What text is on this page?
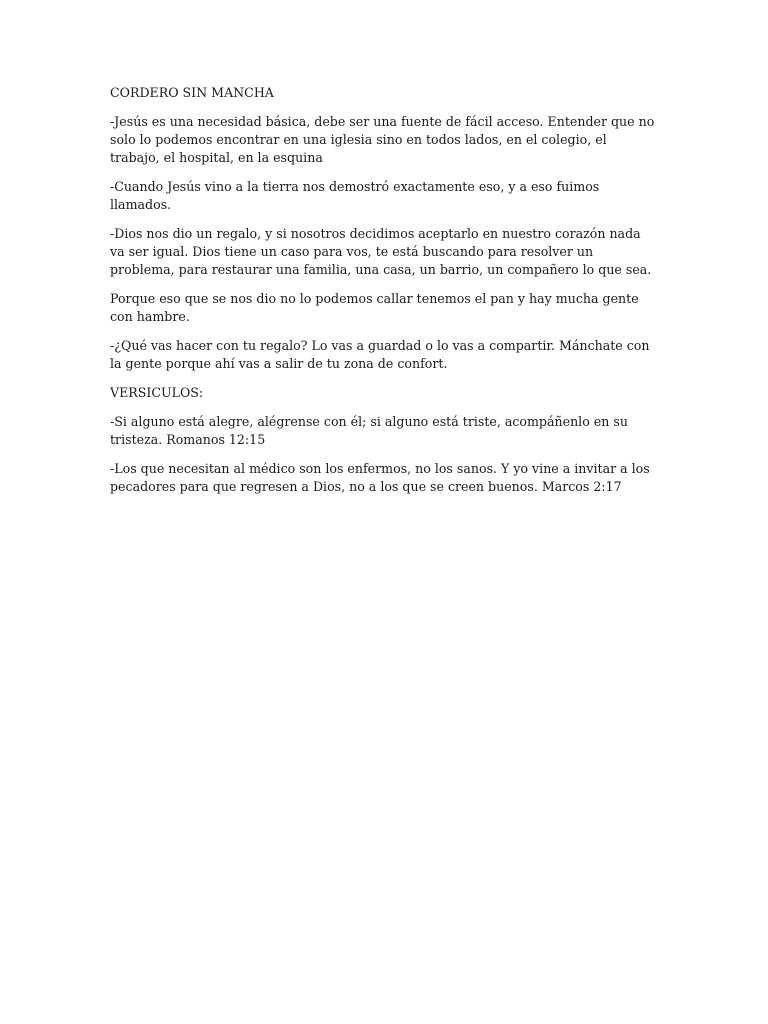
CORDERO SIN MANCHA

-Jesús es una necesidad básica, debe ser una fuente de fácil acceso. Entender que no solo lo podemos encontrar en una iglesia sino en todos lados, en el colegio, el trabajo, el hospital, en la esquina

-Cuando Jesús vino a la tierra nos demostró exactamente eso, y a eso fuimos llamados.

-Dios nos dio un regalo, y si nosotros decidimos aceptarlo en nuestro corazón nada va ser igual. Dios tiene un caso para vos, te está buscando para resolver un problema, para restaurar una familia, una casa, un barrio, un compañero lo que sea.

Porque eso que se nos dio no lo podemos callar tenemos el pan y hay mucha gente con hambre.

-¿Qué vas hacer con tu regalo? Lo vas a guardad o lo vas a compartir. Mánchate con la gente porque ahí vas a salir de tu zona de confort.

VERSICULOS:

-Si alguno está alegre, alégrense con él; si alguno está triste, acompáñenlo en su tristeza. Romanos 12:15

-Los que necesitan al médico son los enfermos, no los sanos. Y yo vine a invitar a los pecadores para que regresen a Dios, no a los que se creen buenos. Marcos 2:17
